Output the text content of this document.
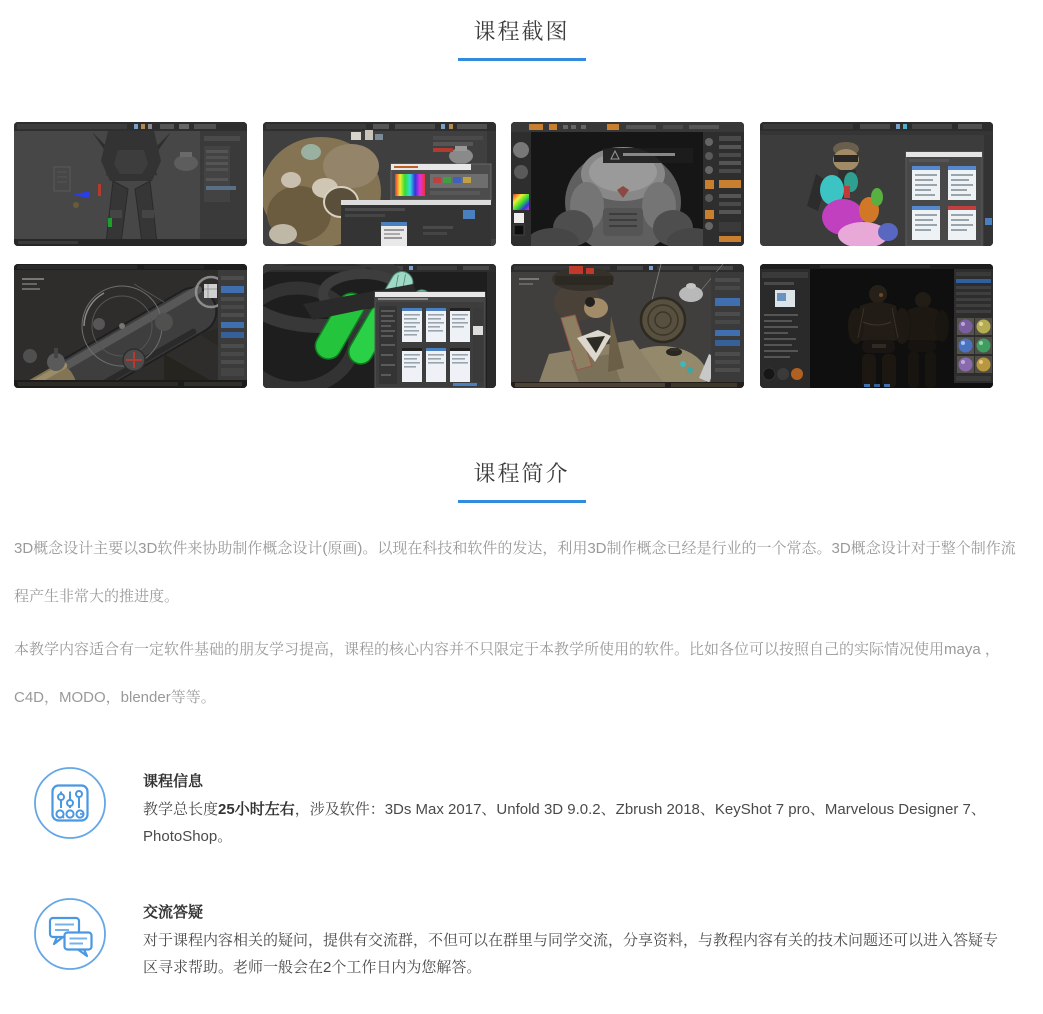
课程截图
课程简介

3D概念设计主要以3D软件来协助制作概念设计(原画)。以现在科技和软件的发达，利用3D制作概念已经是行业的一个常态。3D概念设计对于整个制作流程产生非常大的推进度。

本教学内容适合有一定软件基础的朋友学习提高，课程的核心内容并不只限定于本教学所使用的软件。比如各位可以按照自己的实际情况使用maya ，C4D，MODO，blender等等。

课程信息
教学总长度25小时左右，涉及软件：3Ds Max 2017、Unfold 3D 9.0.2、Zbrush 2018、KeyShot 7 pro、Marvelous Designer 7、PhotoShop。
交流答疑
对于课程内容相关的疑问，提供有交流群，不但可以在群里与同学交流，分享资料，与教程内容有关的技术问题还可以进入答疑专区寻求帮助。老师一般会在2个工作日内为您解答。
